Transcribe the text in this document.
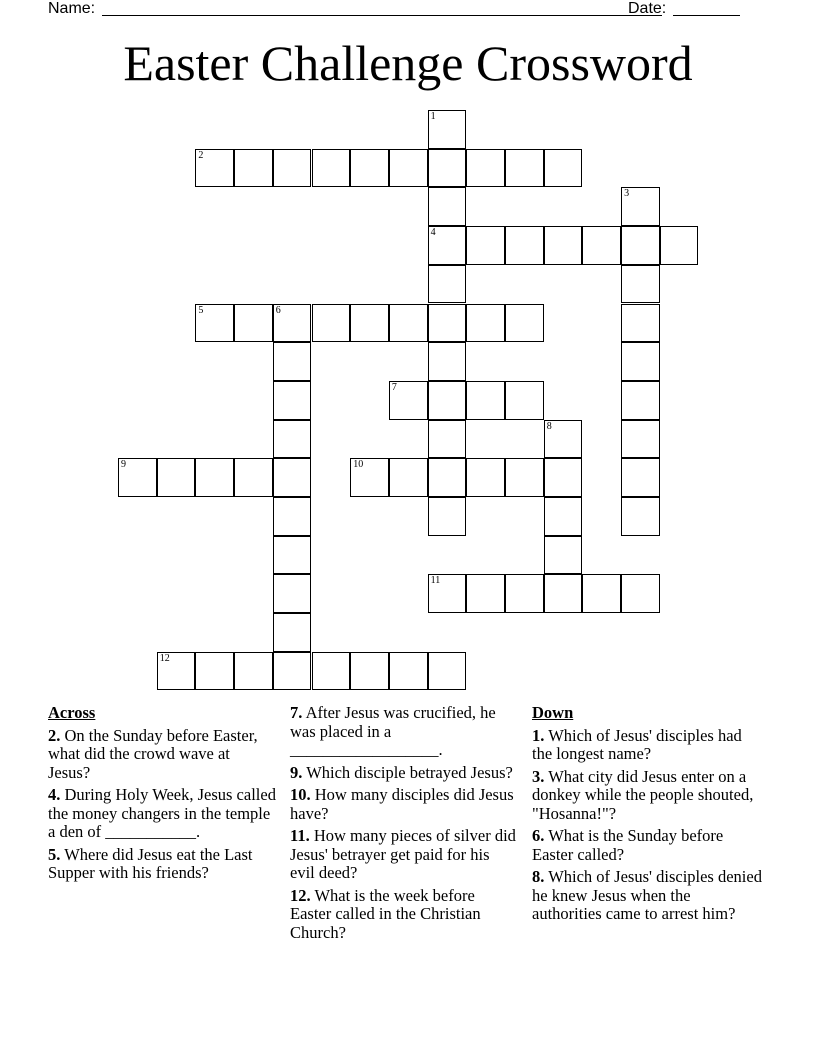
Name:	Date:
Easter Challenge Crossword
1
4
2
3
5	6
7
8
9	10
11
12
Across
2. On the Sunday before Easter, what did the crowd wave at Jesus?
4. During Holy Week, Jesus called the money changers in the temple a den of ___________.
5. Where did Jesus eat the Last Supper with his friends?
7. After Jesus was crucified, he was placed in a __________________.
9. Which disciple betrayed Jesus?
10. How many disciples did Jesus have?
11. How many pieces of silver did Jesus' betrayer get paid for his evil deed?
12. What is the week before Easter called in the Christian Church?
Down
1. Which of Jesus' disciples had the longest name?
3. What city did Jesus enter on a donkey while the people shouted, "Hosanna!"?
6. What is the Sunday before Easter called?
8. Which of Jesus' disciples denied he knew Jesus when the authorities came to arrest him?
